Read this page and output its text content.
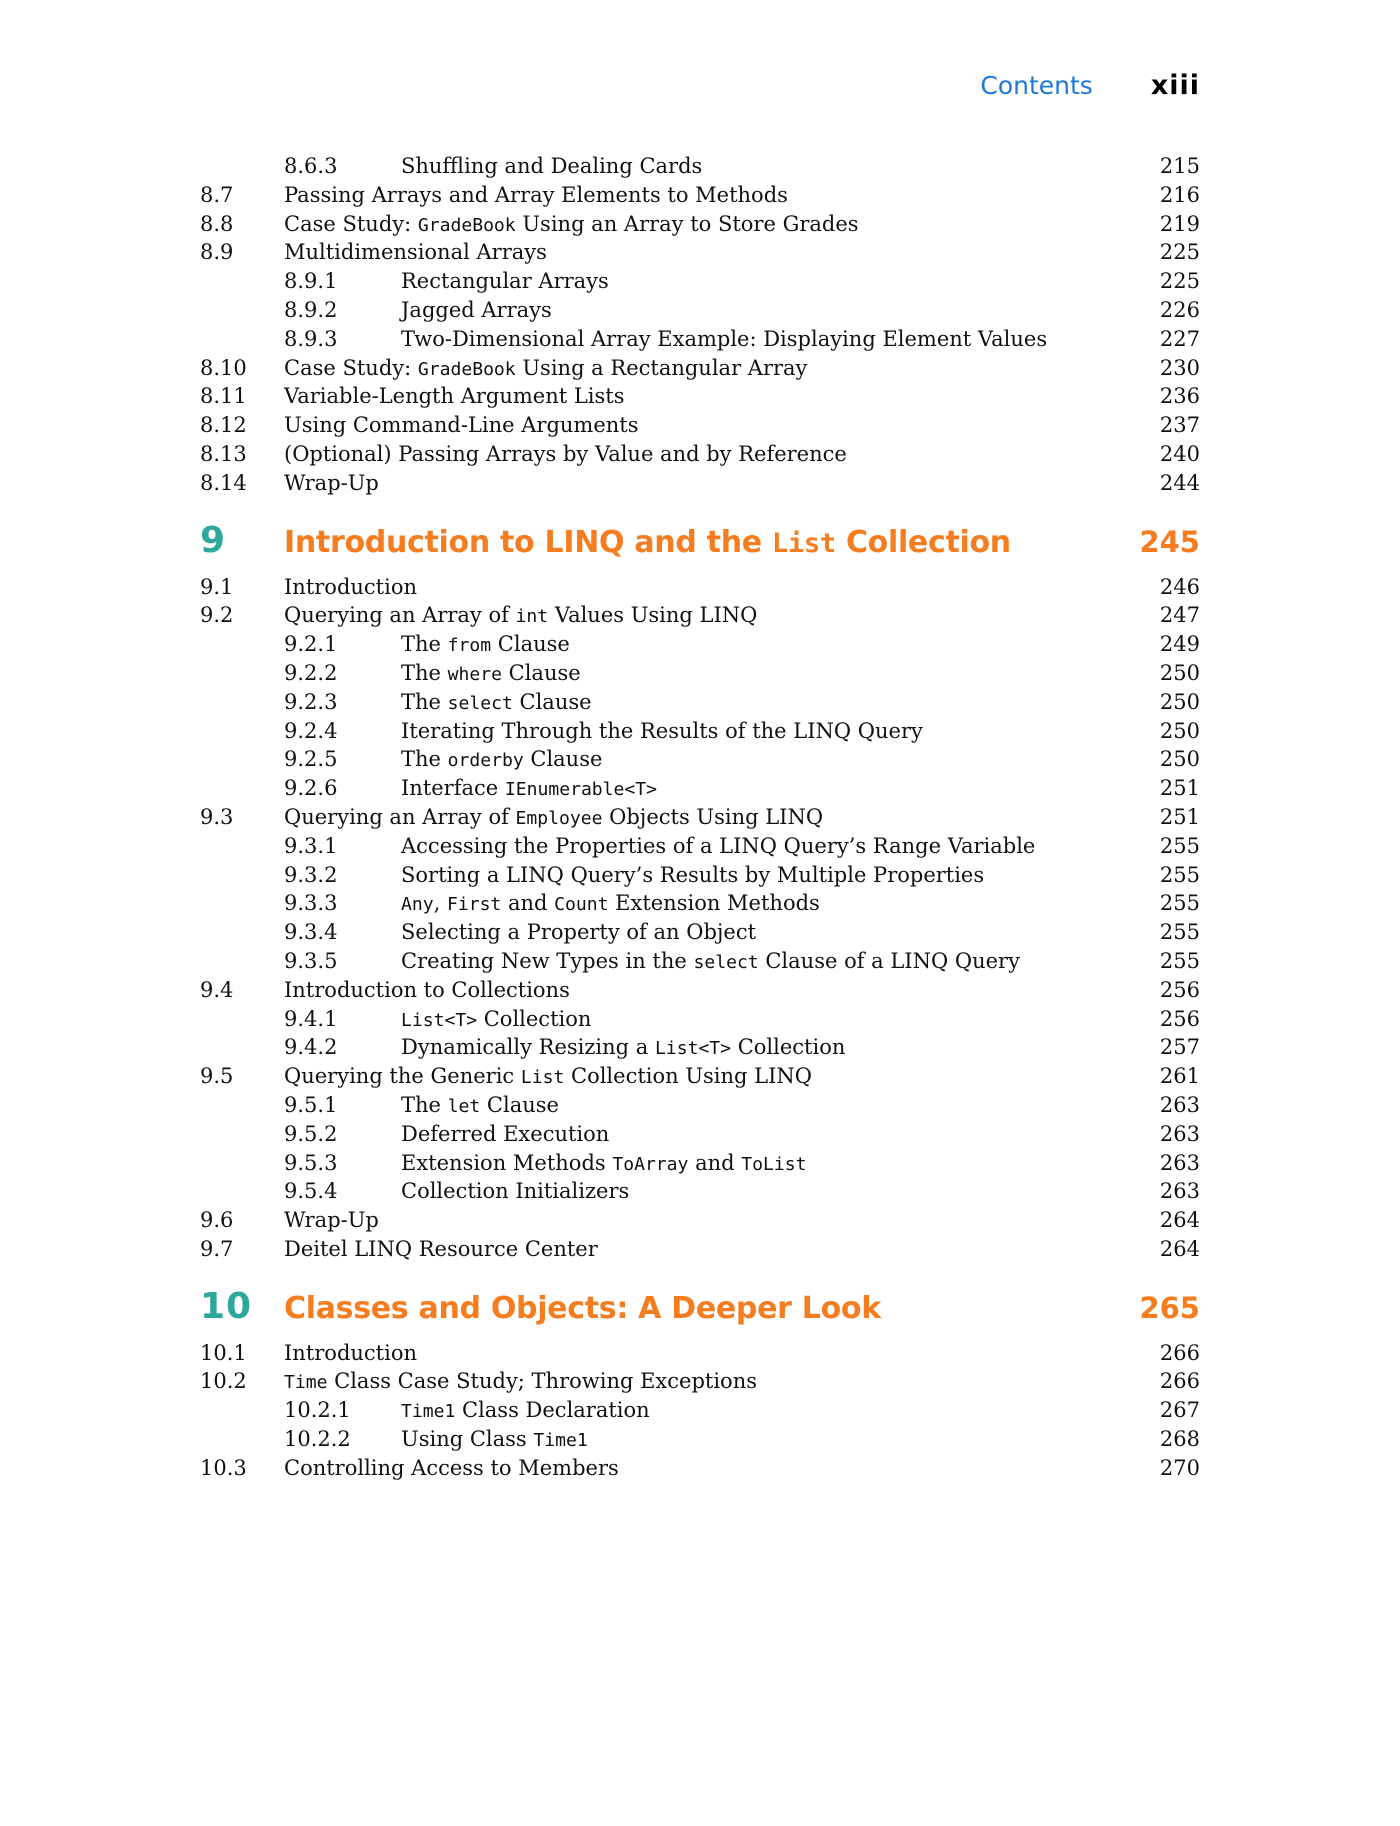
Contents xiii
8.6.3	Shuffling and Dealing Cards	215
8.7	Passing Arrays and Array Elements to Methods	216
8.8	Case Study: GradeBook Using an Array to Store Grades	219
8.9	Multidimensional Arrays	225
8.9.1	Rectangular Arrays	225
8.9.2	Jagged Arrays	226
8.9.3	Two-Dimensional Array Example: Displaying Element Values	227
8.10	Case Study: GradeBook Using a Rectangular Array	230
8.11	Variable-Length Argument Lists	236
8.12	Using Command-Line Arguments	237
8.13	(Optional) Passing Arrays by Value and by Reference	240
8.14	Wrap-Up	244
9	Introduction to LINQ and the List Collection	245
9.1	Introduction	246
9.2	Querying an Array of int Values Using LINQ	247
9.2.1	The from Clause	249
9.2.2	The where Clause	250
9.2.3	The select Clause	250
9.2.4	Iterating Through the Results of the LINQ Query	250
9.2.5	The orderby Clause	250
9.2.6	Interface IEnumerable<T>	251
9.3	Querying an Array of Employee Objects Using LINQ	251
9.3.1	Accessing the Properties of a LINQ Query’s Range Variable	255
9.3.2	Sorting a LINQ Query’s Results by Multiple Properties	255
9.3.3	Any, First and Count Extension Methods	255
9.3.4	Selecting a Property of an Object	255
9.3.5	Creating New Types in the select Clause of a LINQ Query	255
9.4	Introduction to Collections	256
9.4.1	List<T> Collection	256
9.4.2	Dynamically Resizing a List<T> Collection	257
9.5	Querying the Generic List Collection Using LINQ	261
9.5.1	The let Clause	263
9.5.2	Deferred Execution	263
9.5.3	Extension Methods ToArray and ToList	263
9.5.4	Collection Initializers	263
9.6	Wrap-Up	264
9.7	Deitel LINQ Resource Center	264
10	Classes and Objects: A Deeper Look	265
10.1	Introduction	266
10.2	Time Class Case Study; Throwing Exceptions	266
10.2.1	Time1 Class Declaration	267
10.2.2	Using Class Time1	268
10.3	Controlling Access to Members	270
